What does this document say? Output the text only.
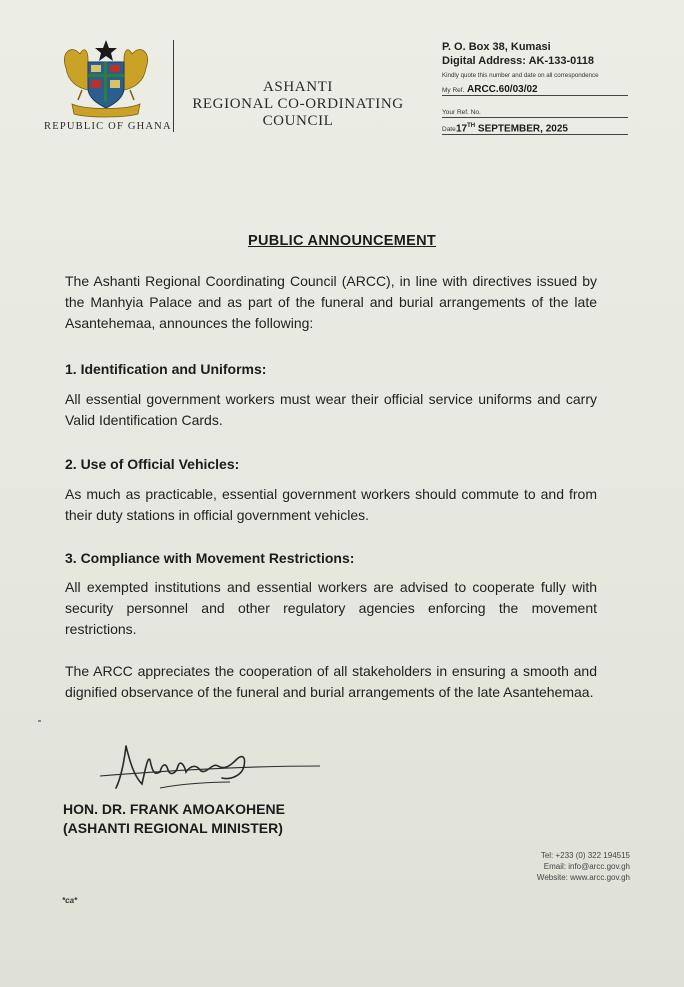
REPUBLIC OF GHANA
ASHANTI
REGIONAL CO-ORDINATING
COUNCIL
P. O. Box 38, Kumasi
Digital Address: AK-133-0118
Kindly quote this number and date on all correspondence
My Ref. ARCC.60/03/02
Your Ref. No.
Date 17TH SEPTEMBER, 2025
PUBLIC ANNOUNCEMENT
The Ashanti Regional Coordinating Council (ARCC), in line with directives issued by the Manhyia Palace and as part of the funeral and burial arrangements of the late Asantehemaa, announces the following:
1. Identification and Uniforms:
All essential government workers must wear their official service uniforms and carry Valid Identification Cards.
2. Use of Official Vehicles:
As much as practicable, essential government workers should commute to and from their duty stations in official government vehicles.
3. Compliance with Movement Restrictions:
All exempted institutions and essential workers are advised to cooperate fully with security personnel and other regulatory agencies enforcing the movement restrictions.
The ARCC appreciates the cooperation of all stakeholders in ensuring a smooth and dignified observance of the funeral and burial arrangements of the late Asantehemaa.
HON. DR. FRANK AMOAKOHENE
(ASHANTI REGIONAL MINISTER)
Tel: +233 (0) 322 194515
Email: info@arcc.gov.gh
Website: www.arcc.gov.gh
*ca*
